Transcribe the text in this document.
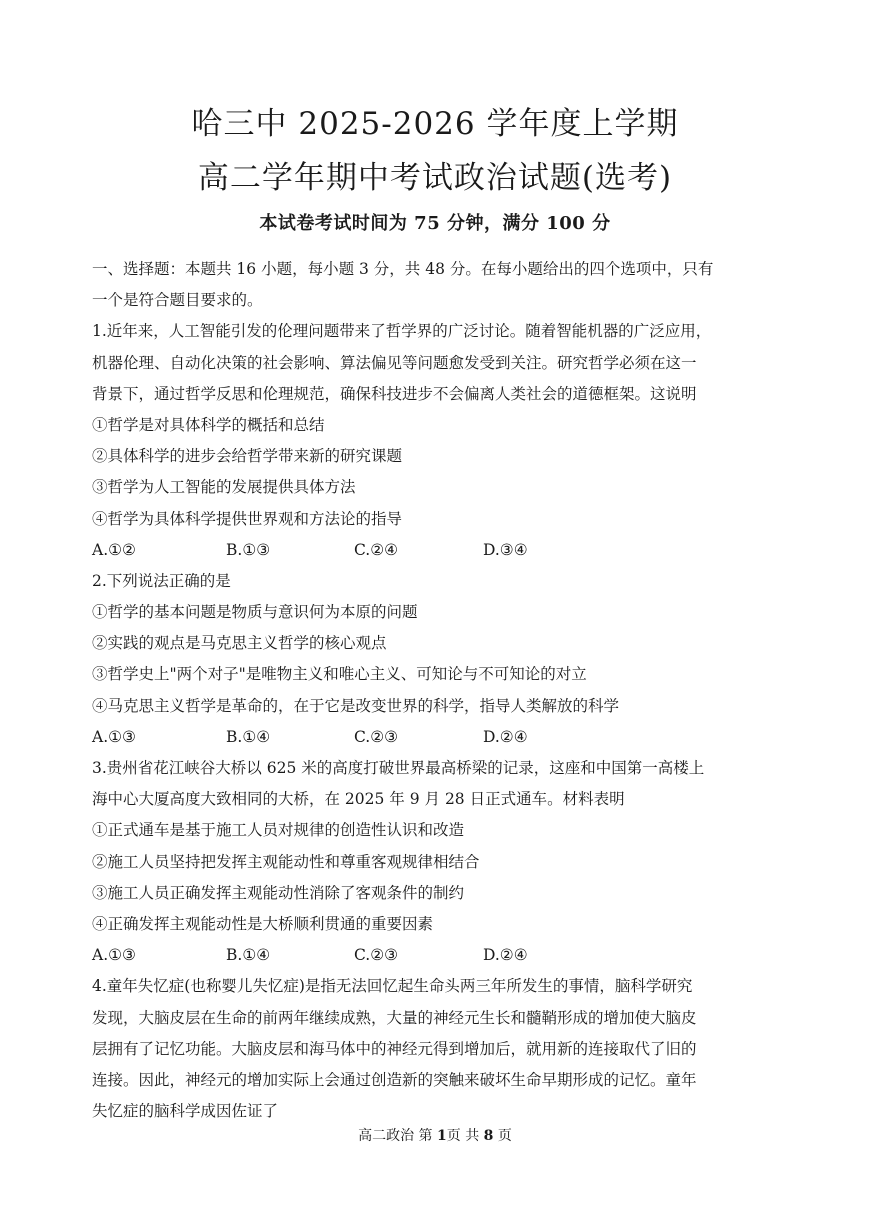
哈三中 2025-2026 学年度上学期
高二学年期中考试政治试题(选考)
本试卷考试时间为 75 分钟，满分 100 分
一、选择题：本题共 16 小题，每小题 3 分，共 48 分。在每小题给出的四个选项中，只有
一个是符合题目要求的。
1.近年来，人工智能引发的伦理问题带来了哲学界的广泛讨论。随着智能机器的广泛应用，
机器伦理、自动化决策的社会影响、算法偏见等问题愈发受到关注。研究哲学必须在这一
背景下，通过哲学反思和伦理规范，确保科技进步不会偏离人类社会的道德框架。这说明
①哲学是对具体科学的概括和总结
②具体科学的进步会给哲学带来新的研究课题
③哲学为人工智能的发展提供具体方法
④哲学为具体科学提供世界观和方法论的指导
A.①②	B.①③	C.②④	D.③④
2.下列说法正确的是
①哲学的基本问题是物质与意识何为本原的问题
②实践的观点是马克思主义哲学的核心观点
③哲学史上"两个对子"是唯物主义和唯心主义、可知论与不可知论的对立
④马克思主义哲学是革命的，在于它是改变世界的科学，指导人类解放的科学
A.①③	B.①④	C.②③	D.②④
3.贵州省花江峡谷大桥以 625 米的高度打破世界最高桥梁的记录，这座和中国第一高楼上
海中心大厦高度大致相同的大桥，在 2025 年 9 月 28 日正式通车。材料表明
①正式通车是基于施工人员对规律的创造性认识和改造
②施工人员坚持把发挥主观能动性和尊重客观规律相结合
③施工人员正确发挥主观能动性消除了客观条件的制约
④正确发挥主观能动性是大桥顺利贯通的重要因素
A.①③	B.①④	C.②③	D.②④
4.童年失忆症(也称婴儿失忆症)是指无法回忆起生命头两三年所发生的事情，脑科学研究
发现，大脑皮层在生命的前两年继续成熟，大量的神经元生长和髓鞘形成的增加使大脑皮
层拥有了记忆功能。大脑皮层和海马体中的神经元得到增加后，就用新的连接取代了旧的
连接。因此，神经元的增加实际上会通过创造新的突触来破坏生命早期形成的记忆。童年
失忆症的脑科学成因佐证了
高二政治 第 1页 共 8 页
